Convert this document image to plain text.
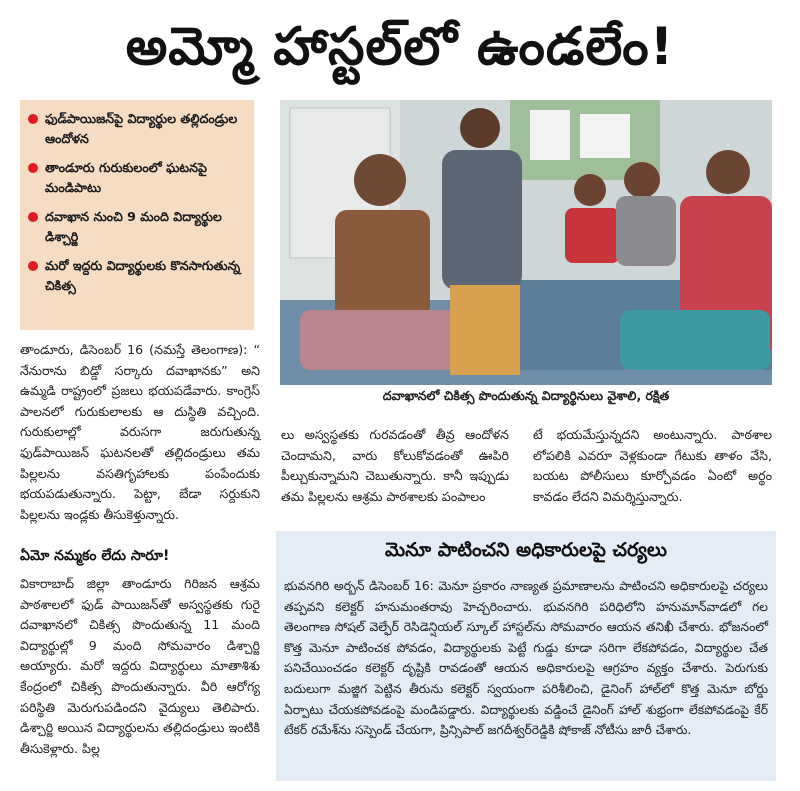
అమ్మో హాస్టల్‌లో ఉండలేం!
ఫుడ్‌పాయిజన్‌పై విద్యార్థుల తల్లిదండ్రుల ఆందోళన
తాండూరు గురుకులంలో ఘటనపై మండిపాటు
దవాఖాన నుంచి 9 మంది విద్యార్థుల డిశ్చార్జి
మరో ఇద్దరు విద్యార్థులకు కొనసాగుతున్న చికిత్స
దవాఖానలో చికిత్స పొందుతున్న విద్యార్థినులు వైశాలి, రక్షిత
తాండూరు, డిసెంబర్ 16 (నమస్తే తెలంగాణ): “ నేనురాను బిడ్డో సర్కారు దవాఖానకు” అని ఉమ్మడి రాష్ట్రంలో ప్రజలు భయపడేవారు. కాంగ్రెస్ పాలనలో గురుకులాలకు ఆ దుస్థితి వచ్చింది. గురుకులాల్లో వరుసగా జరుగుతున్న ఫుడ్‌పాయిజన్ ఘటనలతో తల్లిదండ్రులు తమ పిల్లలను వసతిగృహాలకు పంపేందుకు భయపడుతున్నారు. పెట్టా, బేడా సర్దుకుని పిల్లలను ఇండ్లకు తీసుకెళ్తున్నారు.
ఏమో నమ్మకం లేదు సారూ!
వికారాబాద్ జిల్లా తాండూరు గిరిజన ఆశ్రమ పాఠశాలలో ఫుడ్ పాయిజన్‌తో అస్వస్థతకు గురై దవాఖానలో చికిత్స పొందుతున్న 11 మంది విద్యార్థుల్లో 9 మంది సోమవారం డిశ్చార్జి అయ్యారు. మరో ఇద్దరు విద్యార్థులు మాతాశిశు కేంద్రంలో చికిత్స పొందుతున్నారు. వీరి ఆరోగ్య పరిస్థితి మెరుగుపడిందని వైద్యులు తెలిపారు. డిశ్చార్జి అయిన విద్యార్థులను తల్లిదండ్రులు ఇంటికి తీసుకెళ్లారు. పిల్ల
లు అస్వస్థతకు గురవడంతో తీవ్ర ఆందోళన చెందామని, వారు కోలుకోవడంతో ఊపిరి పీల్చుకున్నామని చెబుతున్నారు. కానీ ఇప్పుడు తమ పిల్లలను ఆశ్రమ పాఠశాలకు పంపాలం
టే భయమేస్తున్నదని అంటున్నారు. పాఠశాల లోపలికి ఎవరూ వెళ్లకుండా గేటుకు తాళం వేసి, బయట పోలీసులు కూర్చోవడం ఏంటో అర్థం కావడం లేదని విమర్శిస్తున్నారు.
మెనూ పాటించని అధికారులపై చర్యలు
భువనగిరి అర్బన్ డిసెంబర్ 16: మెనూ ప్రకారం నాణ్యత ప్రమాణాలను పాటించని అధికారులపై చర్యలు తప్పవని కలెక్టర్ హనుమంతరావు హెచ్చరించారు. భువనగిరి పరిధిలోని హనుమాన్‌వాడలో గల తెలంగాణ సోషల్ వెల్ఫేర్ రెసిడెన్షియల్ స్కూల్ హాస్టల్‌ను సోమవారం ఆయన తనిఖీ చేశారు. భోజనంలో కొత్త మెనూ పాటించక పోవడం, విద్యార్థులకు పెట్టే గుడ్డు కూడా సరిగా లేకపోవడం, విద్యార్థుల చేత పనిచేయించడం కలెక్టర్ దృష్టికి రావడంతో ఆయన అధికారులపై ఆగ్రహం వ్యక్తం చేశారు. పెరుగుకు బదులుగా మజ్జిగ పెట్టిన తీరును కలెక్టర్ స్వయంగా పరిశీలించి, డైనింగ్ హాల్‌లో కొత్త మెనూ బోర్డు ఏర్పాటు చేయకపోవడంపై మండిపడ్డారు. విద్యార్థులకు వడ్డించే డైనింగ్ హాల్ శుభ్రంగా లేకపోవడంపై కేర్ టేకర్ రమేశ్‌ను సస్పెండ్ చేయగా, ప్రిన్సిపాల్ జగదీశ్వర్‌రెడ్డికి షోకాజ్ నోటీసు జారీ చేశారు.
